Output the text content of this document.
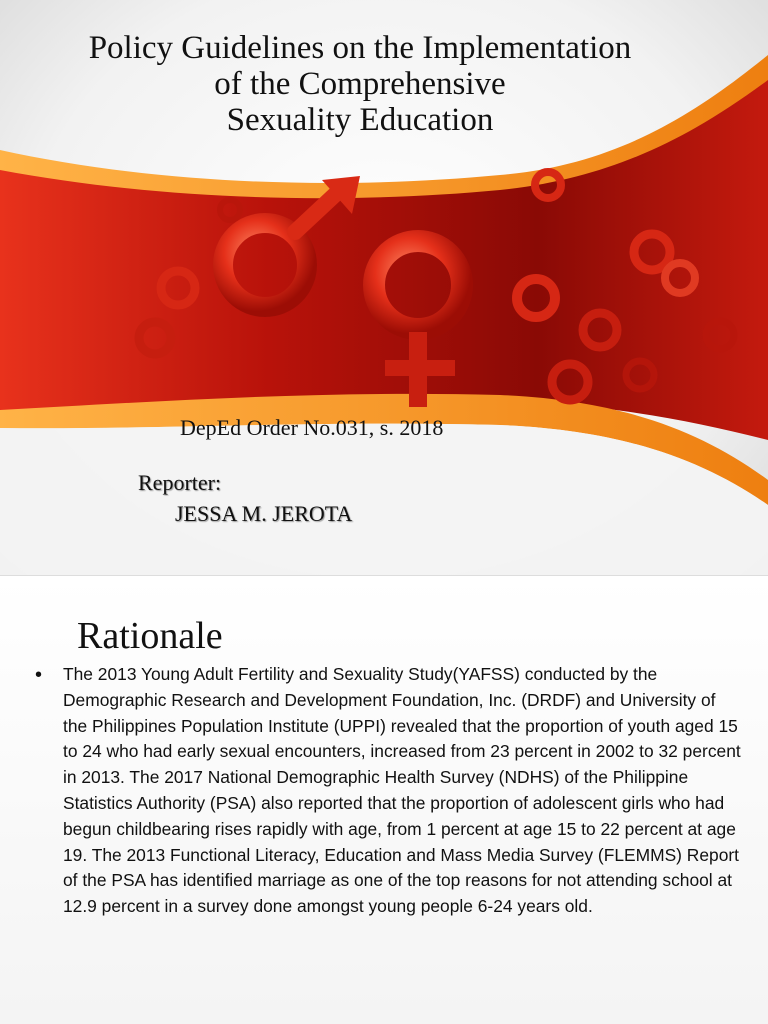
Policy Guidelines on the Implementation
of the Comprehensive
Sexuality Education
DepEd Order No.031, s. 2018
Reporter:
JESSA M. JEROTA
Rationale
• The 2013 Young Adult Fertility and Sexuality Study(YAFSS) conducted by the Demographic Research and Development Foundation, Inc. (DRDF) and University of the Philippines Population Institute (UPPI) revealed that the proportion of youth aged 15 to 24 who had early sexual encounters, increased from 23 percent in 2002 to 32 percent in 2013. The 2017 National Demographic Health Survey (NDHS) of the Philippine Statistics Authority (PSA) also reported that the proportion of adolescent girls who had begun childbearing rises rapidly with age, from 1 percent at age 15 to 22 percent at age 19. The 2013 Functional Literacy, Education and Mass Media Survey (FLEMMS) Report of the PSA has identified marriage as one of the top reasons for not attending school at 12.9 percent in a survey done amongst young people 6-24 years old.
